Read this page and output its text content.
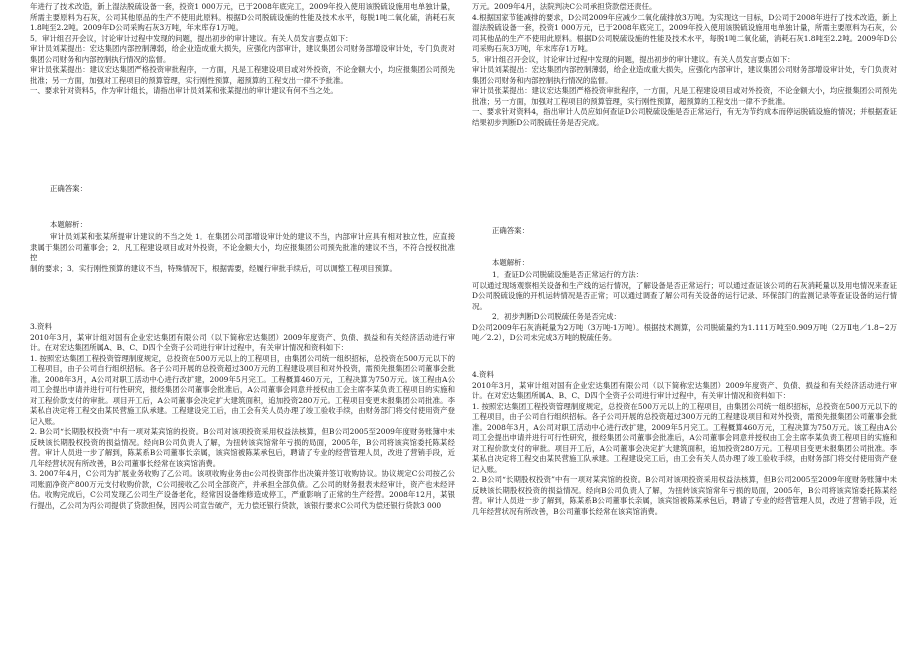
年进行了技术改造，新上湿法脱硫设备一套，投资1 000万元，已于2008年底完工，2009年投入使用该脱硫设施用电单独计量，所需主要原料为石灰，公司其他原品的生产不使用此原料。根据D公司脱硫设施的性能及技术水平，每脱1吨二氧化硫，消耗石灰1.8吨至2.2吨。2009年D公司采购石灰3万吨，年末库存1万吨。

5．审计组召开会议，讨论审计过程中发现的问题，提出初步的审计建议。有关人员发言要点如下：

审计员刘某提出：宏达集团内部控制薄弱，给企业造成重大损失，应强化内部审计，建议集团公司财务部增设审计处，专门负责对集团公司财务和内部控制执行情况的监督。

审计员张某提出：建议宏达集团严格投资审批程序，一方面，凡是工程建设项目或对外投资，不论金额大小，均应报集团公司预先批准；另一方面，加强对工程项目的预算管理，实行刚性预算，超预算的工程支出一律不予批准。

一、要求针对资料5，作为审计组长，请指出审计员刘某和张某提出的审计建议有何不当之处。

正确答案：

本题解析：

审计员刘某和张某所提审计建议的不当之处 1．在集团公司部增设审计处的建议不当，内部审计应具有相对独立性，应直接隶属于集团公司董事会；2．凡工程建设项目或对外投资，不论金额大小，均应报集团公司预先批准的建议不当，不符合授权批准控

制的要求；3．实行刚性预算的建议不当，特殊情况下，根据需要，经履行审批手续后，可以调整工程项目预算。

3.资料

2010年3月，某审计组对国有企业宏达集团有限公司（以下简称宏达集团）2009年度资产、负债、损益和有关经济活动进行审计。在对宏达集团所属A、B、C、D四个全资子公司进行审计过程中，有关审计情况和资料如下：

1. 按照宏达集团工程投资管理制度规定，总投资在500万元以上的工程项目，由集团公司统一组织招标，总投资在500万元以下的工程项目，由子公司自行组织招标。各子公司开展的总投资超过300万元的工程建设项目和对外投资，需预先报集团公司董事会批准。2008年3月，A公司对职工活动中心进行改扩建，2009年5月完工。工程概算460万元，工程决算为750万元。该工程由A公司工会提出申请并进行可行性研究，报经集团公司董事会批准后，A公司董事会同意并授权由工会主席李某负责工程项目的实施和对工程价款支付的审批。项目开工后，A公司董事会决定扩大建筑面积，追加投资280万元。工程项目变更未报集团公司批准。李某私自决定将工程交由某民营施工队承建。工程建设完工后，由工会有关人员办理了竣工验收手续，由财务部门将交付使用资产登记入账。

2. B公司“长期股权投资”中有一项对某宾馆的投资。B公司对该项投资采用权益法核算，但B公司2005至2009年度财务账簿中未反映该长期股权投资的损益情况。经向B公司负责人了解，为扭转该宾馆常年亏损的局面，2005年，B公司将该宾馆委托陈某经营。审计人员进一步了解到，陈某系B公司董事长亲属，该宾馆被陈某承包后，聘请了专业的经营管理人员，改进了营销手段，近几年经营状况有所改善，B公司董事长经常在该宾馆消费。

3. 2007年4月，C公司为扩展业务收购了乙公司。该项收购业务由c公司投资部作出决策并签订收购协议。协议规定C公司按乙公司账面净资产800万元支付收购价款，C公司接收乙公司全部资产，并承担全部负债。乙公司的财务报表未经审计，资产也未经评估。收购完成后，C公司发现乙公司生产设备老化，经常因设备维修造成停工，严重影响了正常的生产经营。2008年12月，某银行提出，乙公司为丙公司提供了贷款担保，因丙公司宣告破产，无力偿还银行贷款，该银行要求C公司代为偿还银行贷款3 000

万元。2009年4月，法院判决C公司承担贷款偿还责任。

4.根据国家节能减排的要求，D公司2009年应减少二氧化硫排放3万吨。为实现这一目标，D公司于2008年进行了技术改造，新上湿法脱硫设备一套，投资1 000万元，已于2008年底完工，2009年投入使用该脱硫设施用电单独计量，所需主要原料为石灰，公司其他品的生产不使用此原料。根据D公司脱硫设施的性能及技术水平，每脱1吨二氧化硫，消耗石灰1.8吨至2.2吨。2009年D公司采购石灰3万吨，年末库存1万吨。

5．审计组召开会议，讨论审计过程中发现的问题，提出初步的审计建议。有关人员发言要点如下：

审计员刘某提出：宏达集团内部控制薄弱，给企业造成重大损失，应强化内部审计，建议集团公司财务部增设审计处，专门负责对集团公司财务和内部控制执行情况的监督。

审计员张某提出：建议宏达集团严格投资审批程序，一方面，凡是工程建设项目或对外投资，不论金额大小，均应报集团公司预先批准；另一方面，加强对工程项目的预算管理，实行刚性预算，超预算的工程支出一律不予批准。

一、要求针对资料4，指出审计人员应如何查证D公司脱硫设施是否正常运行，有无为节约成本而停运脱硫设施的情况；并根据查证结果初步判断D公司脱硫任务是否完成。

正确答案：

本题解析：

1．查证D公司脱硫设施是否正常运行的方法：

可以通过现场观察相关设备和生产线的运行情况，了解设备是否正常运行；可以通过查证该公司的石灰消耗量以及用电情况来查证D公司脱硫设施的开机运转情况是否正常；可以通过调查了解公司有关设备的运行记录、环保部门的监测记录等查证设备的运行情况。

2．初步判断D公司脱硫任务是否完成：

D公司2009年石灰消耗量为2万吨（3万吨-1万吨）。根据技术测算，公司脱硫量约为1.111万吨至0.909万吨（2万Ⅱ电／1.8~2万吨／2.2），D公司未完成3万吨的脱硫任务。

4.资料

2010年3月，某审计组对国有企业宏达集团有限公司（以下简称宏达集团）2009年度资产、负债、损益和有关经济活动进行审计。在对宏达集团所属A、B、C、D四个全资子公司进行审计过程中，有关审计情况和资料如下：

1. 按照宏达集团工程投资管理制度规定，总投资在500万元以上的工程项目，由集团公司统一组织招标，总投资在500万元以下的工程项目，由子公司自行组织招标。各子公司开展的总投资超过300万元的工程建设项目和对外投资，需预先报集团公司董事会批准。2008年3月，A公司对职工活动中心进行改扩建，2009年5月完工。工程概算460万元，工程决算为750万元。该工程由A公司工会提出申请并进行可行性研究，报经集团公司董事会批准后，A公司董事会同意并授权由工会主席李某负责工程项目的实施和对工程价款支付的审批。项目开工后，A公司董事会决定扩大建筑面积，追加投资280万元。工程项目变更未报集团公司批准。李某私自决定将工程交由某民营施工队承建。工程建设完工后，由工会有关人员办理了竣工验收手续，由财务部门将交付使用资产登记入账。

2. B公司“长期股权投资”中有一项对某宾馆的投资。B公司对该项投资采用权益法核算，但B公司2005至2009年度财务账簿中未反映该长期股权投资的损益情况。经向B公司负责人了解，为扭转该宾馆常年亏损的局面，2005年，B公司将该宾馆委托陈某经营。审计人员进一步了解到，陈某系B公司董事长亲属，该宾馆被陈某承包后，聘请了专业的经营管理人员，改进了营销手段，近几年经营状况有所改善，B公司董事长经常在该宾馆消费。
